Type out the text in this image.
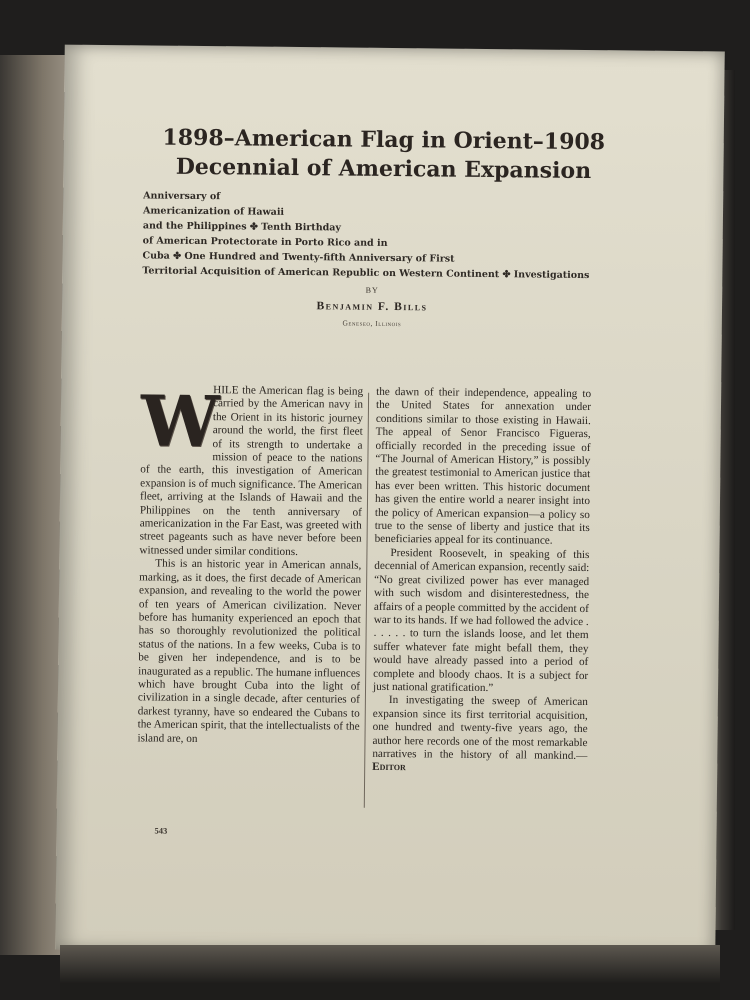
1898–American Flag in Orient–1908
Decennial of American Expansion
Anniversary of
Americanization of Hawaii
and the Philippines ✤ Tenth Birthday
of American Protectorate in Porto Rico and in
Cuba ✤ One Hundred and Twenty-fifth Anniversary of First
Territorial Acquisition of American Republic on Western Continent ✤ Investigations
BY
Benjamin F. Bills
Geneseo, Illinois

W
HILE the American flag is being carried by the American navy in the Orient in its historic journey around the world, the first fleet of its strength to undertake a mission of peace to the nations of the earth, this investigation of American expansion is of much significance. The American fleet, arriving at the Islands of Hawaii and the Philippines on the tenth anniversary of americanization in the Far East, was greeted with street pageants such as have never before been witnessed under similar conditions.

This is an historic year in American annals, marking, as it does, the first decade of American expansion, and revealing to the world the power of ten years of American civilization. Never before has humanity experienced an epoch that has so thoroughly revolutionized the political status of the nations. In a few weeks, Cuba is to be given her independence, and is to be inaugurated as a republic. The humane influences which have brought Cuba into the light of civilization in a single decade, after centuries of darkest tyranny, have so endeared the Cubans to the American spirit, that the intellectualists of the island are, on

the dawn of their independence, appealing to the United States for annexation under conditions similar to those existing in Hawaii. The appeal of Senor Francisco Figueras, officially recorded in the preceding issue of “The Journal of American History,” is possibly the greatest testimonial to American justice that has ever been written. This historic document has given the entire world a nearer insight into the policy of American expansion—a policy so true to the sense of liberty and justice that its beneficiaries appeal for its continuance.

President Roosevelt, in speaking of this decennial of American expansion, recently said: “No great civilized power has ever managed with such wisdom and disinterestedness, the affairs of a people committed by the accident of war to its hands. If we had followed the advice . . . . . . to turn the islands loose, and let them suffer whatever fate might befall them, they would have already passed into a period of complete and bloody chaos. It is a subject for just national gratification.”

In investigating the sweep of American expansion since its first territorial acquisition, one hundred and twenty-five years ago, the author here records one of the most remarkable narratives in the history of all mankind.—Editor

543
